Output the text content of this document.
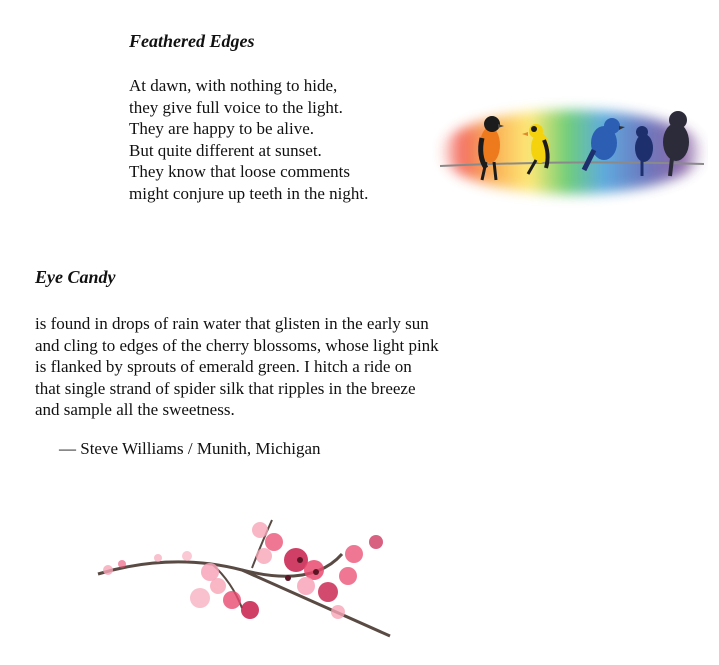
Feathered Edges
At dawn, with nothing to hide,
they give full voice to the light.
They are happy to be alive.
But quite different at sunset.
They know that loose comments
might conjure up teeth in the night.
Eye Candy
is found in drops of rain water that glisten in the early sun
and cling to edges of the cherry blossoms, whose light pink
is flanked by sprouts of emerald green. I hitch a ride on
that single strand of spider silk that ripples in the breeze
and sample all the sweetness.

— Steve Williams / Munith, Michigan
